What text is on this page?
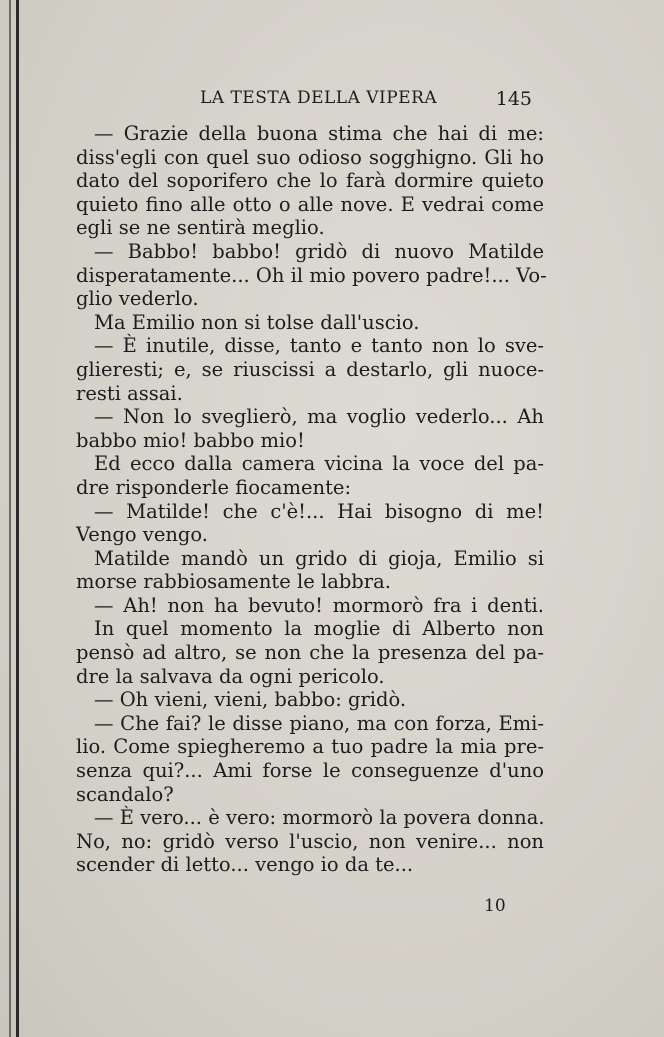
LA TESTA DELLA VIPERA	145
— Grazie della buona stima che hai di me:
diss'egli con quel suo odioso sogghigno. Gli ho
dato del soporifero che lo farà dormire quieto
quieto fino alle otto o alle nove. E vedrai come
egli se ne sentirà meglio.
— Babbo! babbo! gridò di nuovo Matilde
disperatamente... Oh il mio povero padre!... Vo-
glio vederlo.
Ma Emilio non si tolse dall'uscio.
— È inutile, disse, tanto e tanto non lo sve-
glieresti; e, se riuscissi a destarlo, gli nuoce-
resti assai.
— Non lo sveglierò, ma voglio vederlo... Ah
babbo mio! babbo mio!
Ed ecco dalla camera vicina la voce del pa-
dre risponderle fiocamente:
— Matilde! che c'è!... Hai bisogno di me!
Vengo vengo.
Matilde mandò un grido di gioja, Emilio si
morse rabbiosamente le labbra.
— Ah! non ha bevuto! mormorò fra i denti.
In quel momento la moglie di Alberto non
pensò ad altro, se non che la presenza del pa-
dre la salvava da ogni pericolo.
— Oh vieni, vieni, babbo: gridò.
— Che fai? le disse piano, ma con forza, Emi-
lio. Come spiegheremo a tuo padre la mia pre-
senza qui?... Ami forse le conseguenze d'uno
scandalo?
— È vero... è vero: mormorò la povera donna.
No, no: gridò verso l'uscio, non venire... non
scender di letto... vengo io da te...
10
